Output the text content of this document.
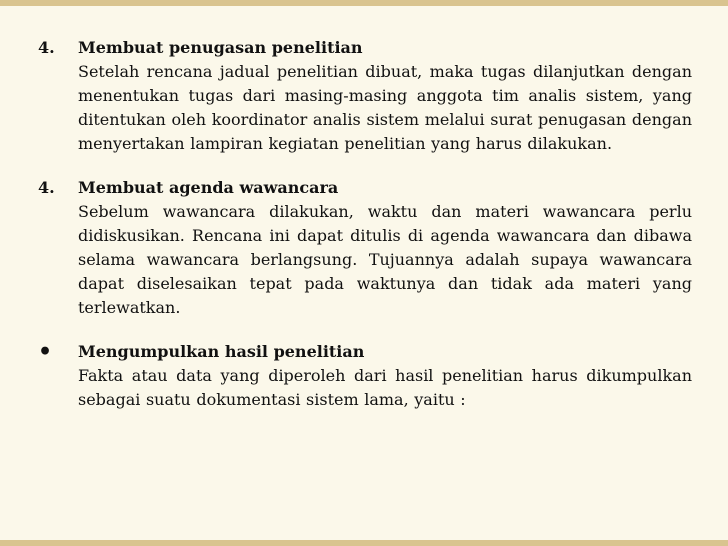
4. Membuat penugasan penelitian
Setelah rencana jadual penelitian dibuat, maka tugas dilanjutkan dengan menentukan tugas dari masing-masing anggota tim analis sistem, yang ditentukan oleh koordinator analis sistem melalui surat penugasan dengan menyertakan lampiran kegiatan penelitian yang harus dilakukan.
4. Membuat agenda wawancara
Sebelum wawancara dilakukan, waktu dan materi wawancara perlu didiskusikan. Rencana ini dapat ditulis di agenda wawancara dan dibawa selama wawancara berlangsung. Tujuannya adalah supaya wawancara dapat diselesaikan tepat pada waktunya dan tidak ada materi yang terlewatkan.
• Mengumpulkan hasil penelitian
Fakta atau data yang diperoleh dari hasil penelitian harus dikumpulkan sebagai suatu dokumentasi sistem lama, yaitu :
